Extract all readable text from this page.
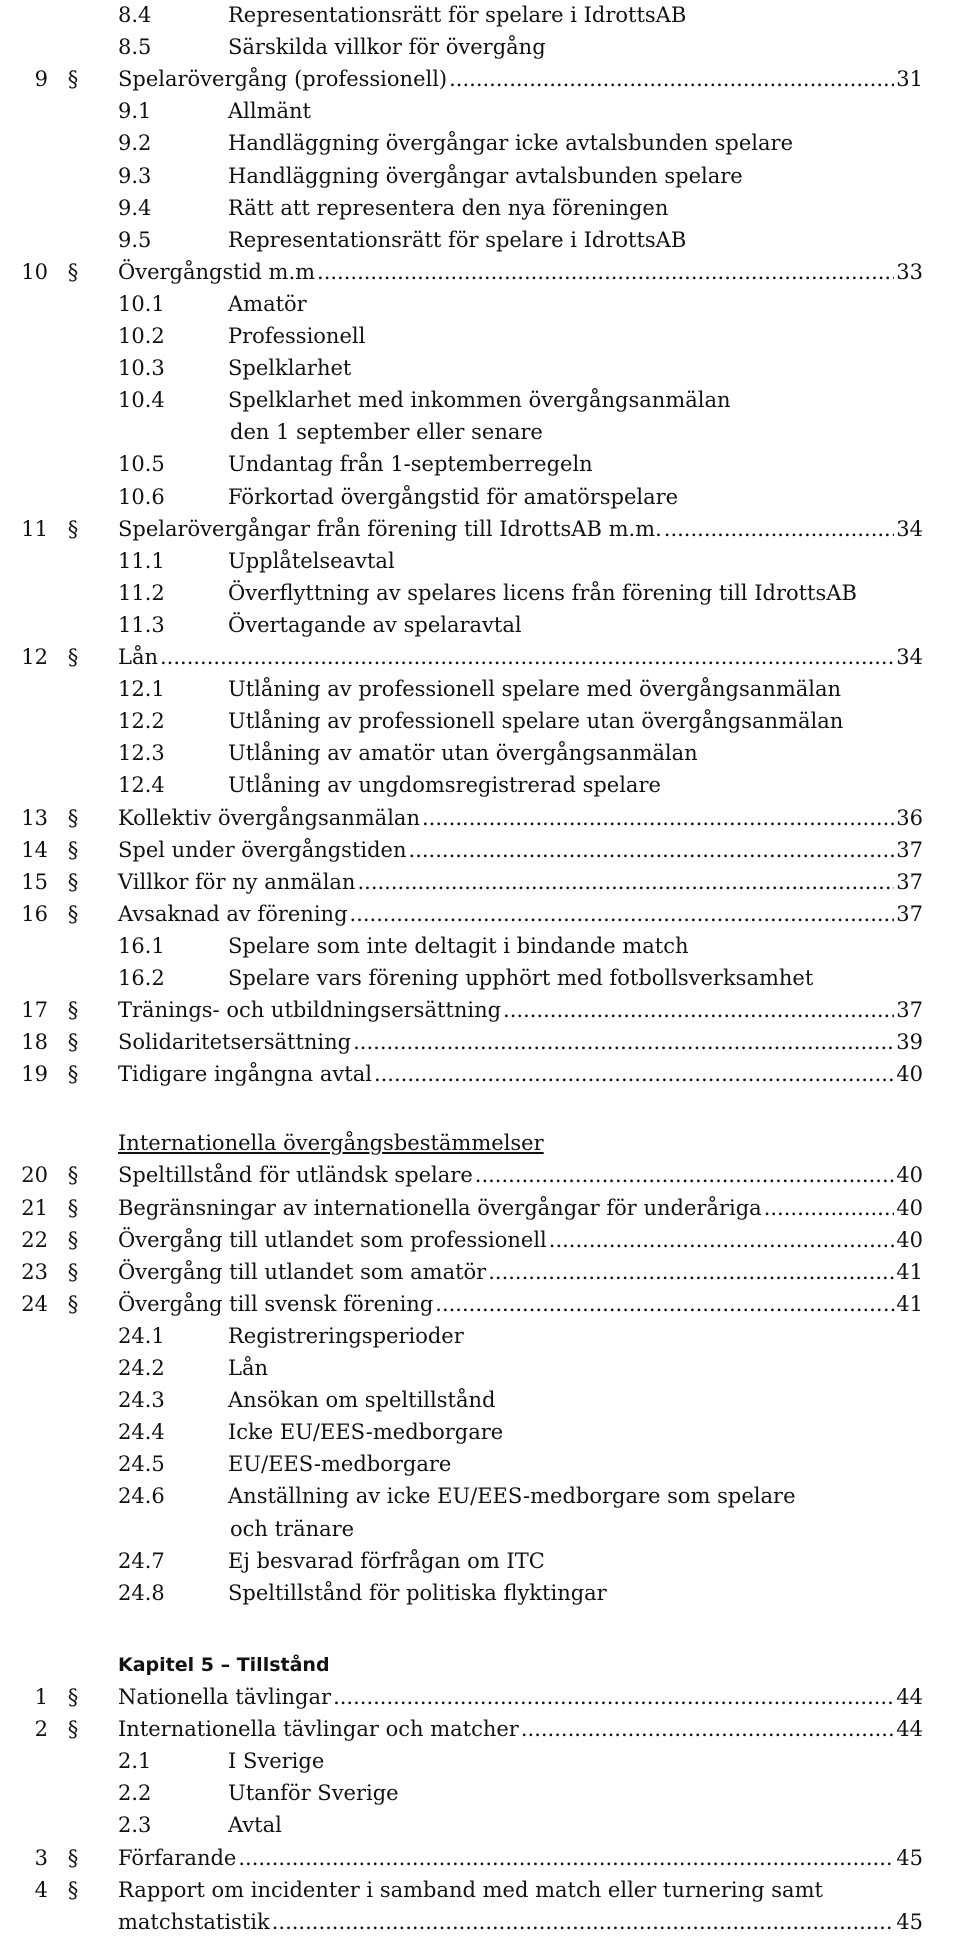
8.4	Representationsrätt för spelare i IdrottsAB
8.5	Särskilda villkor för övergång
9 §	Spelarövergång (professionell) .....	31
9.1	Allmänt
9.2	Handläggning övergångar icke avtalsbunden spelare
9.3	Handläggning övergångar avtalsbunden spelare
9.4	Rätt att representera den nya föreningen
9.5	Representationsrätt för spelare i IdrottsAB
10 §	Övergångstid m.m .....	33
10.1	Amatör
10.2	Professionell
10.3	Spelklarhet
10.4	Spelklarhet med inkommen övergångsanmälan
den 1 september eller senare
10.5	Undantag från 1-septemberregeln
10.6	Förkortad övergångstid för amatörspelare
11 §	Spelarövergångar från förening till IdrottsAB m.m. .....	34
11.1	Upplåtelseavtal
11.2	Överflyttning av spelares licens från förening till IdrottsAB
11.3	Övertagande av spelaravtal
12 §	Lån .....	34
12.1	Utlåning av professionell spelare med övergångsanmälan
12.2	Utlåning av professionell spelare utan övergångsanmälan
12.3	Utlåning av amatör utan övergångsanmälan
12.4	Utlåning av ungdomsregistrerad spelare
13 §	Kollektiv övergångsanmälan .....	36
14 §	Spel under övergångstiden .....	37
15 §	Villkor för ny anmälan .....	37
16 §	Avsaknad av förening .....	37
16.1	Spelare som inte deltagit i bindande match
16.2	Spelare vars förening upphört med fotbollsverksamhet
17 §	Tränings- och utbildningsersättning .....	37
18 §	Solidaritetsersättning .....	39
19 §	Tidigare ingångna avtal .....	40
Internationella övergångsbestämmelser
20 §	Speltillstånd för utländsk spelare .....	40
21 §	Begränsningar av internationella övergångar för underåriga .....	40
22 §	Övergång till utlandet som professionell .....	40
23 §	Övergång till utlandet som amatör .....	41
24 §	Övergång till svensk förening .....	..41
24.1	Registreringsperioder
24.2	Lån
24.3	Ansökan om speltillstånd
24.4	Icke EU/EES-medborgare
24.5	EU/EES-medborgare
24.6	Anställning av icke EU/EES-medborgare som spelare
och tränare
24.7	Ej besvarad förfrågan om ITC
24.8	Speltillstånd för politiska flyktingar
Kapitel 5 – Tillstånd
1 §	Nationella tävlingar .....	44
2 §	Internationella tävlingar och matcher .....	44
2.1	I Sverige
2.2	Utanför Sverige
2.3	Avtal
3 §	Förfarande .....	45
4 §	Rapport om incidenter i samband med match eller turnering samt
matchstatistik .....	45
